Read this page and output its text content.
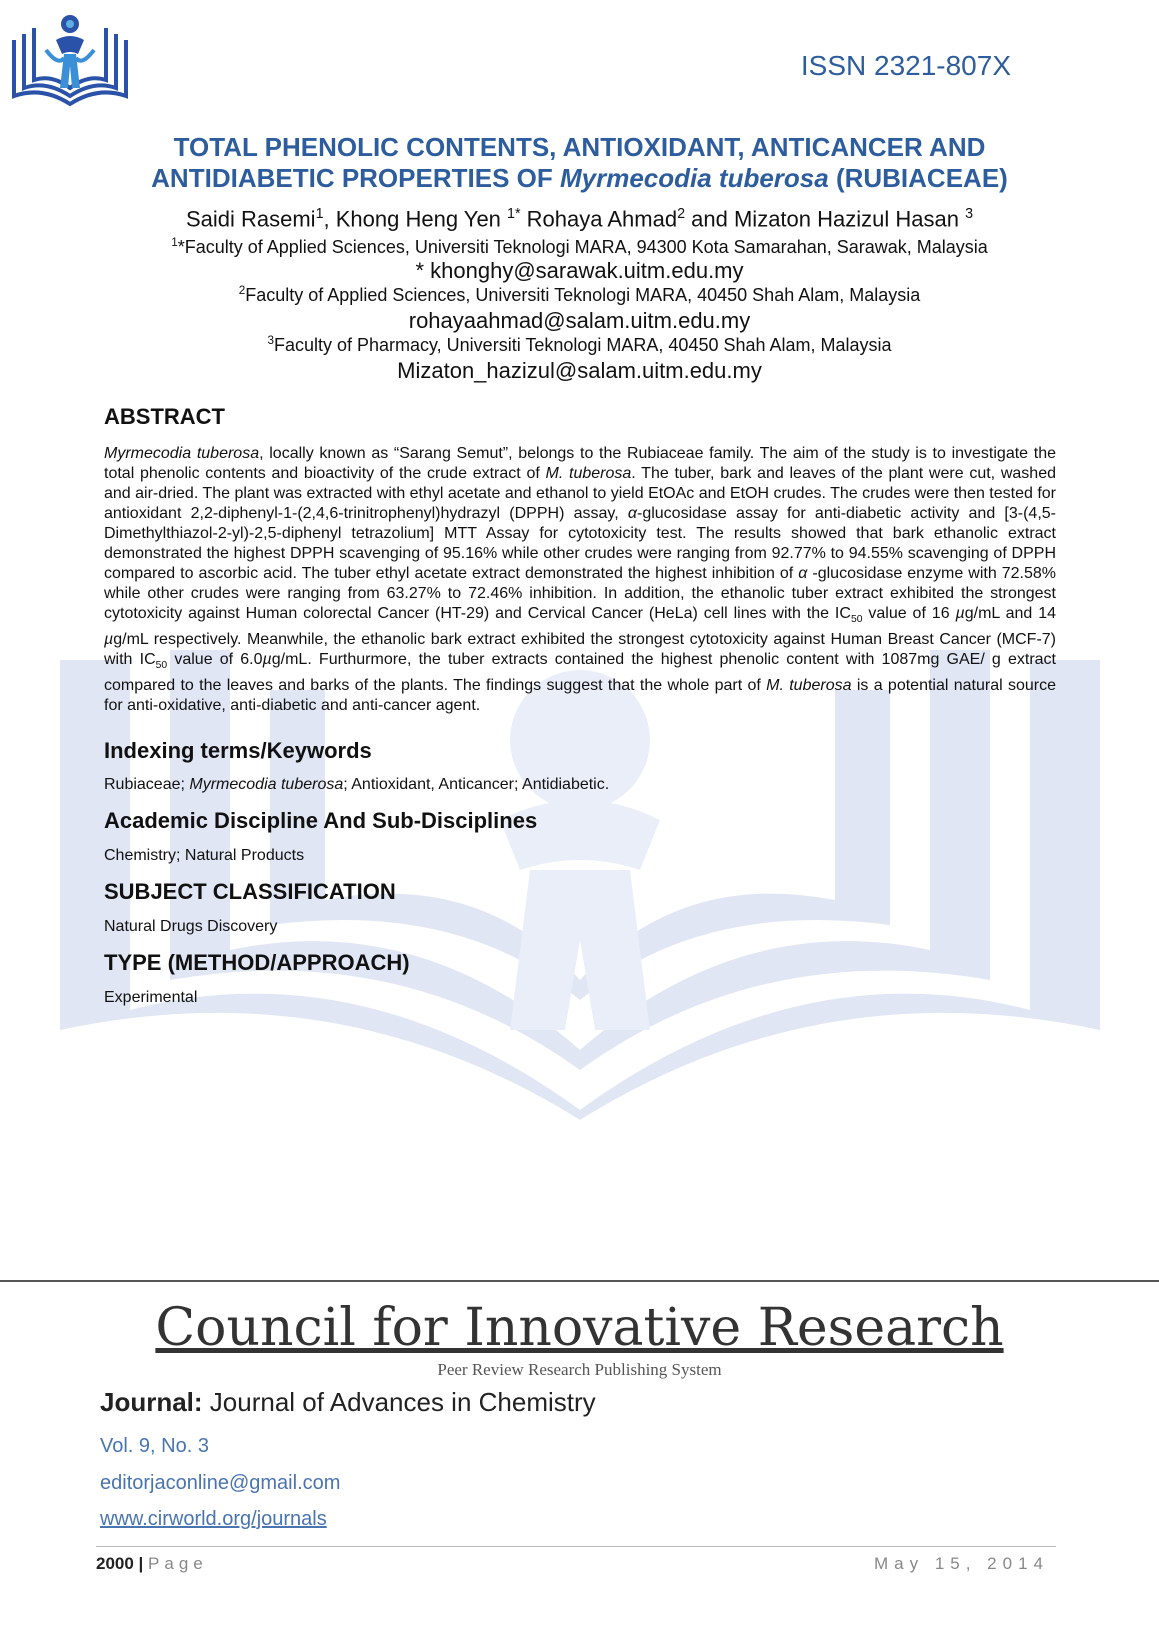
ISSN 2321-807X
TOTAL PHENOLIC CONTENTS, ANTIOXIDANT, ANTICANCER AND
ANTIDIABETIC PROPERTIES OF Myrmecodia tuberosa (RUBIACEAE)
Saidi Rasemi$^1$, Khong Heng Yen $^{1*}$ Rohaya Ahmad$^2$ and Mizaton Hazizul Hasan $^3$
$^1$*Faculty of Applied Sciences, Universiti Teknologi MARA, 94300 Kota Samarahan, Sarawak, Malaysia
* khonghy@sarawak.uitm.edu.my
$^2$Faculty of Applied Sciences, Universiti Teknologi MARA, 40450 Shah Alam, Malaysia
rohayaahmad@salam.uitm.edu.my
$^3$Faculty of Pharmacy, Universiti Teknologi MARA, 40450 Shah Alam, Malaysia
Mizaton_hazizul@salam.uitm.edu.my
ABSTRACT

Myrmecodia tuberosa, locally known as “Sarang Semut”, belongs to the Rubiaceae family. The aim of the study is to investigate the total phenolic contents and bioactivity of the crude extract of M. tuberosa. The tuber, bark and leaves of the plant were cut, washed and air-dried. The plant was extracted with ethyl acetate and ethanol to yield EtOAc and EtOH crudes. The crudes were then tested for antioxidant 2,2-diphenyl-1-(2,4,6-trinitrophenyl)hydrazyl (DPPH) assay, α-glucosidase assay for anti-diabetic activity and [3-(4,5-Dimethylthiazol-2-yl)-2,5-diphenyl tetrazolium] MTT Assay for cytotoxicity test. The results showed that bark ethanolic extract demonstrated the highest DPPH scavenging of 95.16% while other crudes were ranging from 92.77% to 94.55% scavenging of DPPH compared to ascorbic acid. The tuber ethyl acetate extract demonstrated the highest inhibition of α -glucosidase enzyme with 72.58% while other crudes were ranging from 63.27% to 72.46% inhibition. In addition, the ethanolic tuber extract exhibited the strongest cytotoxicity against Human colorectal Cancer (HT-29) and Cervical Cancer (HeLa) cell lines with the $IC_{50}$ value of 16 µg/mL and 14 µg/mL respectively. Meanwhile, the ethanolic bark extract exhibited the strongest cytotoxicity against Human Breast Cancer (MCF-7) with $IC_{50}$ value of 6.0µg/mL. Furthurmore, the tuber extracts contained the highest phenolic content with 1087mg GAE/ g extract compared to the leaves and barks of the plants. The findings suggest that the whole part of M. tuberosa is a potential natural source for anti-oxidative, anti-diabetic and anti-cancer agent.

Indexing terms/Keywords
Rubiaceae; Myrmecodia tuberosa; Antioxidant, Anticancer; Antidiabetic.
Academic Discipline And Sub-Disciplines
Chemistry; Natural Products
SUBJECT CLASSIFICATION
Natural Drugs Discovery
TYPE (METHOD/APPROACH)
Experimental
Council for Innovative Research
Peer Review Research Publishing System
Journal: Journal of Advances in Chemistry
Vol. 9, No. 3
editorjaconline@gmail.com
www.cirworld.org/journals
2000 | Page	May 15, 2014
